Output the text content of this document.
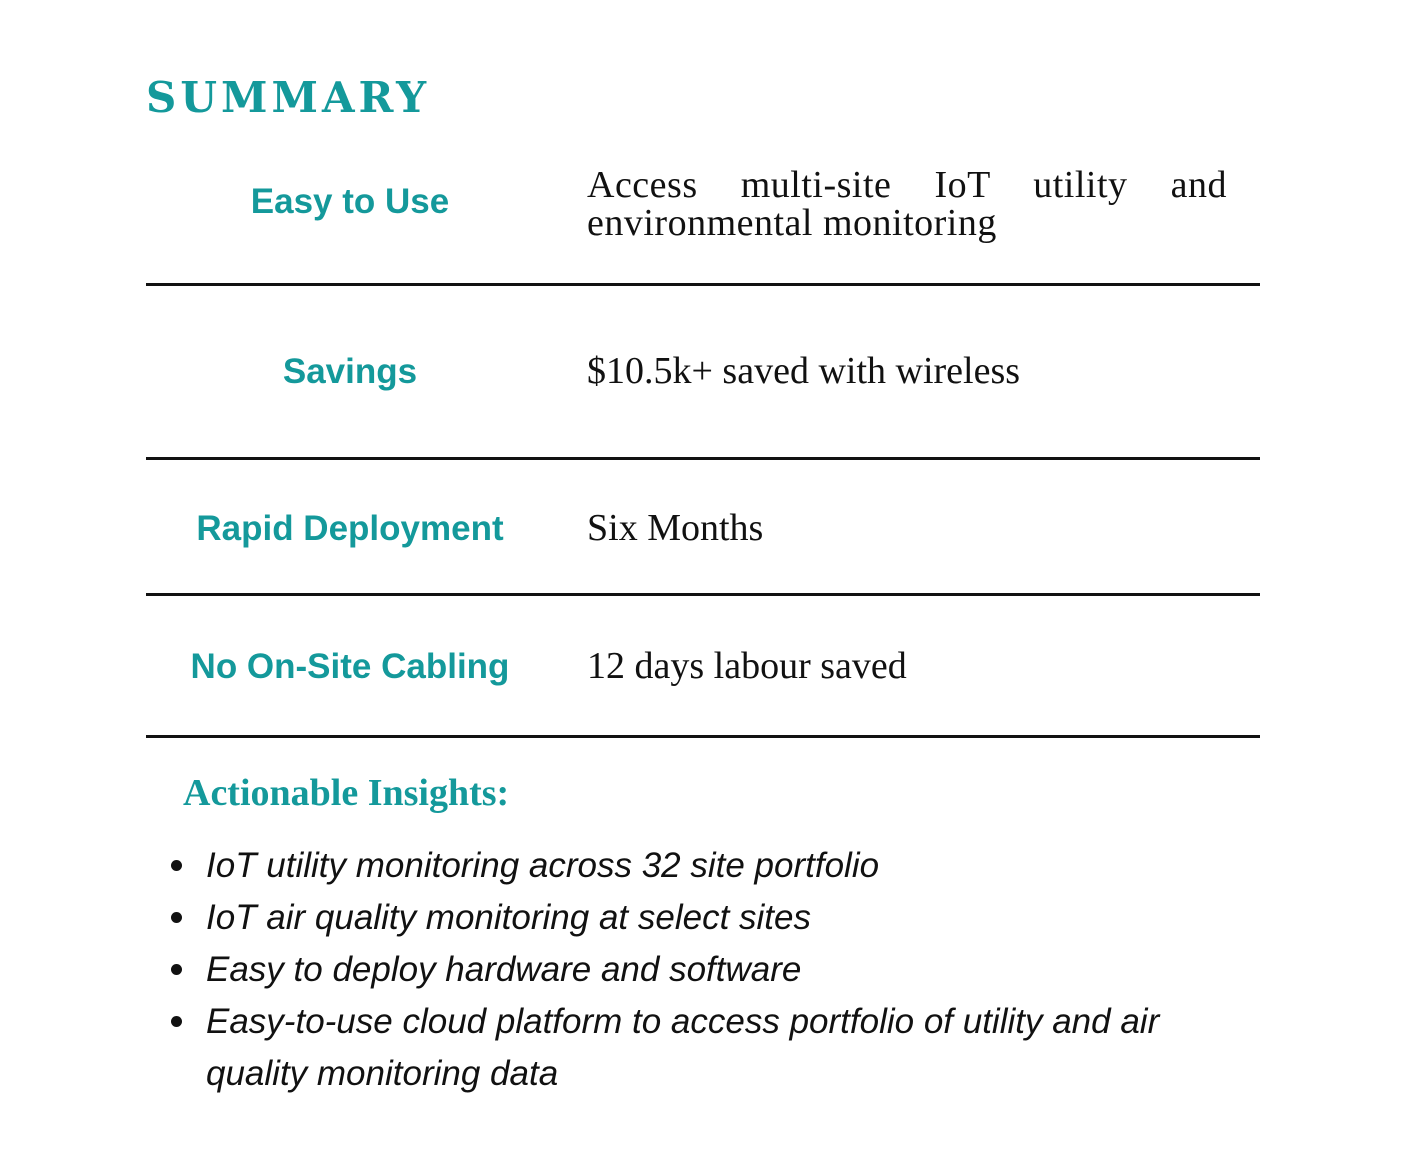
SUMMARY
Easy to Use	Access multi-site IoT utility and environmental monitoring
Savings	$10.5k+ saved with wireless
Rapid Deployment	Six Months
No On-Site Cabling	12 days labour saved
Actionable Insights:
IoT utility monitoring across 32 site portfolio
IoT air quality monitoring at select sites
Easy to deploy hardware and software
Easy-to-use cloud platform to access portfolio of utility and air quality monitoring data
